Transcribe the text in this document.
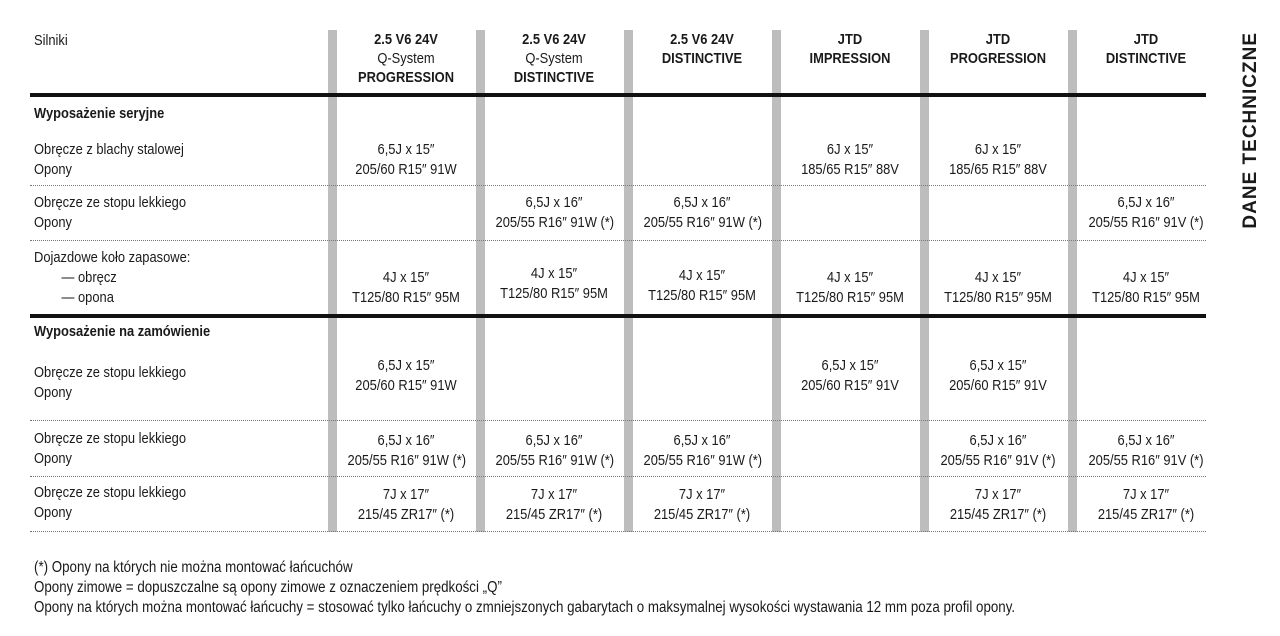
Silniki	2.5 V6 24V
Q-System
PROGRESSION
2.5 V6 24V
Q-System
DISTINCTIVE
2.5 V6 24V
DISTINCTIVE
JTD
IMPRESSION
JTD
PROGRESSION
JTD
DISTINCTIVE
Wyposażenie seryjne
Obręcze z blachy stalowej
Opony
6,5J x 15″
205/60 R15″ 91W
6J x 15″
185/65 R15″ 88V
6J x 15″
185/65 R15″ 88V
Obręcze ze stopu lekkiego
Opony
6,5J x 16″
205/55 R16″ 91W (*)
6,5J x 16″
205/55 R16″ 91W (*)
6,5J x 16″
205/55 R16″ 91V (*)
Dojazdowe koło zapasowe:
— obręcz
— opona
4J x 15″
T125/80 R15″ 95M
4J x 15″
T125/80 R15″ 95M
4J x 15″
T125/80 R15″ 95M
4J x 15″
T125/80 R15″ 95M
4J x 15″
T125/80 R15″ 95M
4J x 15″
T125/80 R15″ 95M
Wyposażenie na zamówienie
Obręcze ze stopu lekkiego
Opony
6,5J x 15″
205/60 R15″ 91W
6,5J x 15″
205/60 R15″ 91V
6,5J x 15″
205/60 R15″ 91V
Obręcze ze stopu lekkiego
Opony
6,5J x 16″
205/55 R16″ 91W (*)
6,5J x 16″
205/55 R16″ 91W (*)
6,5J x 16″
205/55 R16″ 91W (*)
6,5J x 16″
205/55 R16″ 91V (*)
6,5J x 16″
205/55 R16″ 91V (*)
Obręcze ze stopu lekkiego
Opony
7J x 17″
215/45 ZR17″ (*)
7J x 17″
215/45 ZR17″ (*)
7J x 17″
215/45 ZR17″ (*)
7J x 17″
215/45 ZR17″ (*)
7J x 17″
215/45 ZR17″ (*)
DANE TECHNICZNE
(*) Opony na których nie można montować łańcuchów
Opony zimowe = dopuszczalne są opony zimowe z oznaczeniem prędkości „Q”
Opony na których można montować łańcuchy = stosować tylko łańcuchy o zmniejszonych gabarytach o maksymalnej wysokości wystawania 12 mm poza profil opony.
